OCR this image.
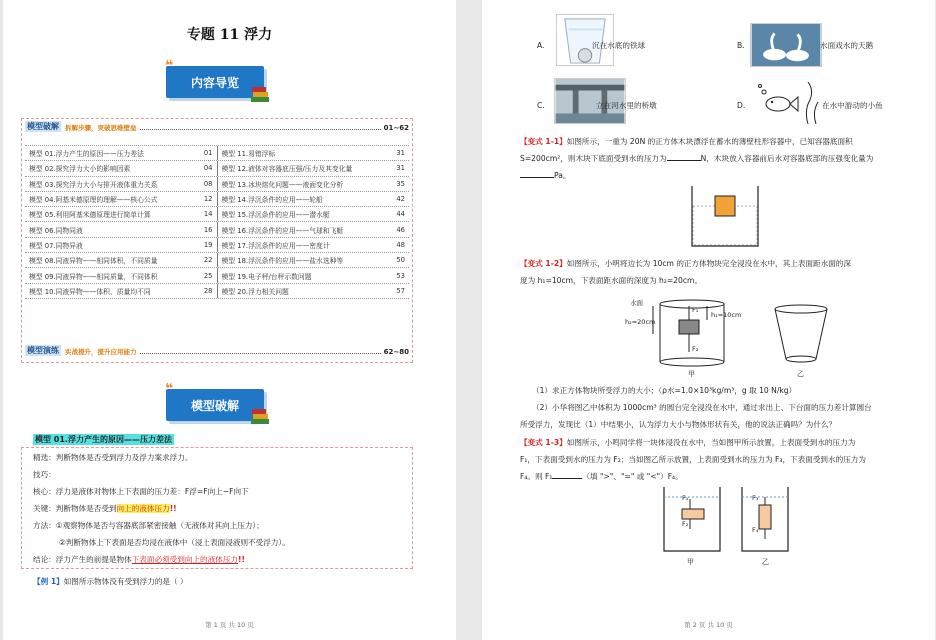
专题 11 浮力
内容导览
模型破解 拆解步骤，突破思维壁垒	01~62
模型 01.浮力产生的原因——压力差法	01 模型 11.易错浮标	31
模型 02.探究浮力大小的影响因素	04 模型 12.液体对容器底压强/压力及其变化量	31
模型 03.探究浮力大小与排开液体重力关系	08 模型 13.冰块熔化问题——液面变化分析	35
模型 04.阿基米德原理的理解——核心公式	12 模型 14.浮沉条件的应用——轮船	42
模型 05.利用阿基米德原理进行简单计算	14 模型 15.浮沉条件的应用——潜水艇	44
模型 06.同物同液	16 模型 16.浮沉条件的应用——气球和飞艇	46
模型 07.同物异液	19 模型 17.浮沉条件的应用——密度计	48
模型 08.同液异物——相同体积，不同质量	22 模型 18.浮沉条件的应用——盐水选种等	50
模型 09.同液异物——相同质量，不同体积	25 模型 19.电子秤/台秤示数问题	53
模型 10.同液异物——体积、质量均不同	28 模型 20.浮力相关问题	57
模型演练 实战提升，提升应用能力	62~80
模型破解
模型 01.浮力产生的原因——压力差法
精选：判断物体是否受到浮力及浮力案求浮力。
技巧：
核心：浮力是液体对物体上下表面的压力差：F浮=F向上−F向下
关键：判断物体是否受到向上的液体压力!!
方法：①观察物体是否与容器底部紧密接触（无液体对其向上压力）；
②判断物体上下表面是否均浸在液体中（浸上表面浸液则不受浮力）。
结论：浮力产生的前提是物体下表面必须受到向上的液体压力!!
【例 1】如图所示物体没有受到浮力的是（ ）
第 1 页 共 10 页
A.	沉在水底的铁球	B.	水面戏水的天鹅
C.	立在河水里的桥墩	D.	在水中游动的小鱼
【变式 1-1】如图所示，一重为 20N 的正方体木块漂浮在蓄水的薄壁柱形容器中，已知容器底面积
S=200cm²，则木块下底面受到水的压力为	N，木块放入容器前后水对容器底部的压强变化量为
Pa。
【变式 1-2】如图所示，小明将边长为 10cm 的正方体物块完全浸没在水中，其上表面距水面的深
度为 h₁=10cm，下表面距水面的深度为 h₂=20cm。
水面
h₂=20cm
h₁=10cm
F₁
F₂
甲	乙
（1）求正方体物块所受浮力的大小；（ρ水=1.0×10³kg/m³，g 取 10 N/kg）
（2）小华将图乙中体积为 1000cm³ 的圆台完全浸没在水中，通过求出上、下台面的压力差计算圆台
所受浮力，发现比（1）中结果小，认为浮力大小与物体形状有关，他的说法正确吗？为什么？
【变式 1-3】如图所示，小鸣同学将一块体浸没在水中，当如图甲所示放置，上表面受到水的压力为
F₁，下表面受到水的压力为 F₂；当如图乙所示放置，上表面受到水的压力为 F₃，下表面受到水的压力为
F₄。则 F₁	（填 ">"、"=" 或 "<"）F₄。
F₁
F₂
甲
F₃
F₄
乙
第 2 页 共 10 页
